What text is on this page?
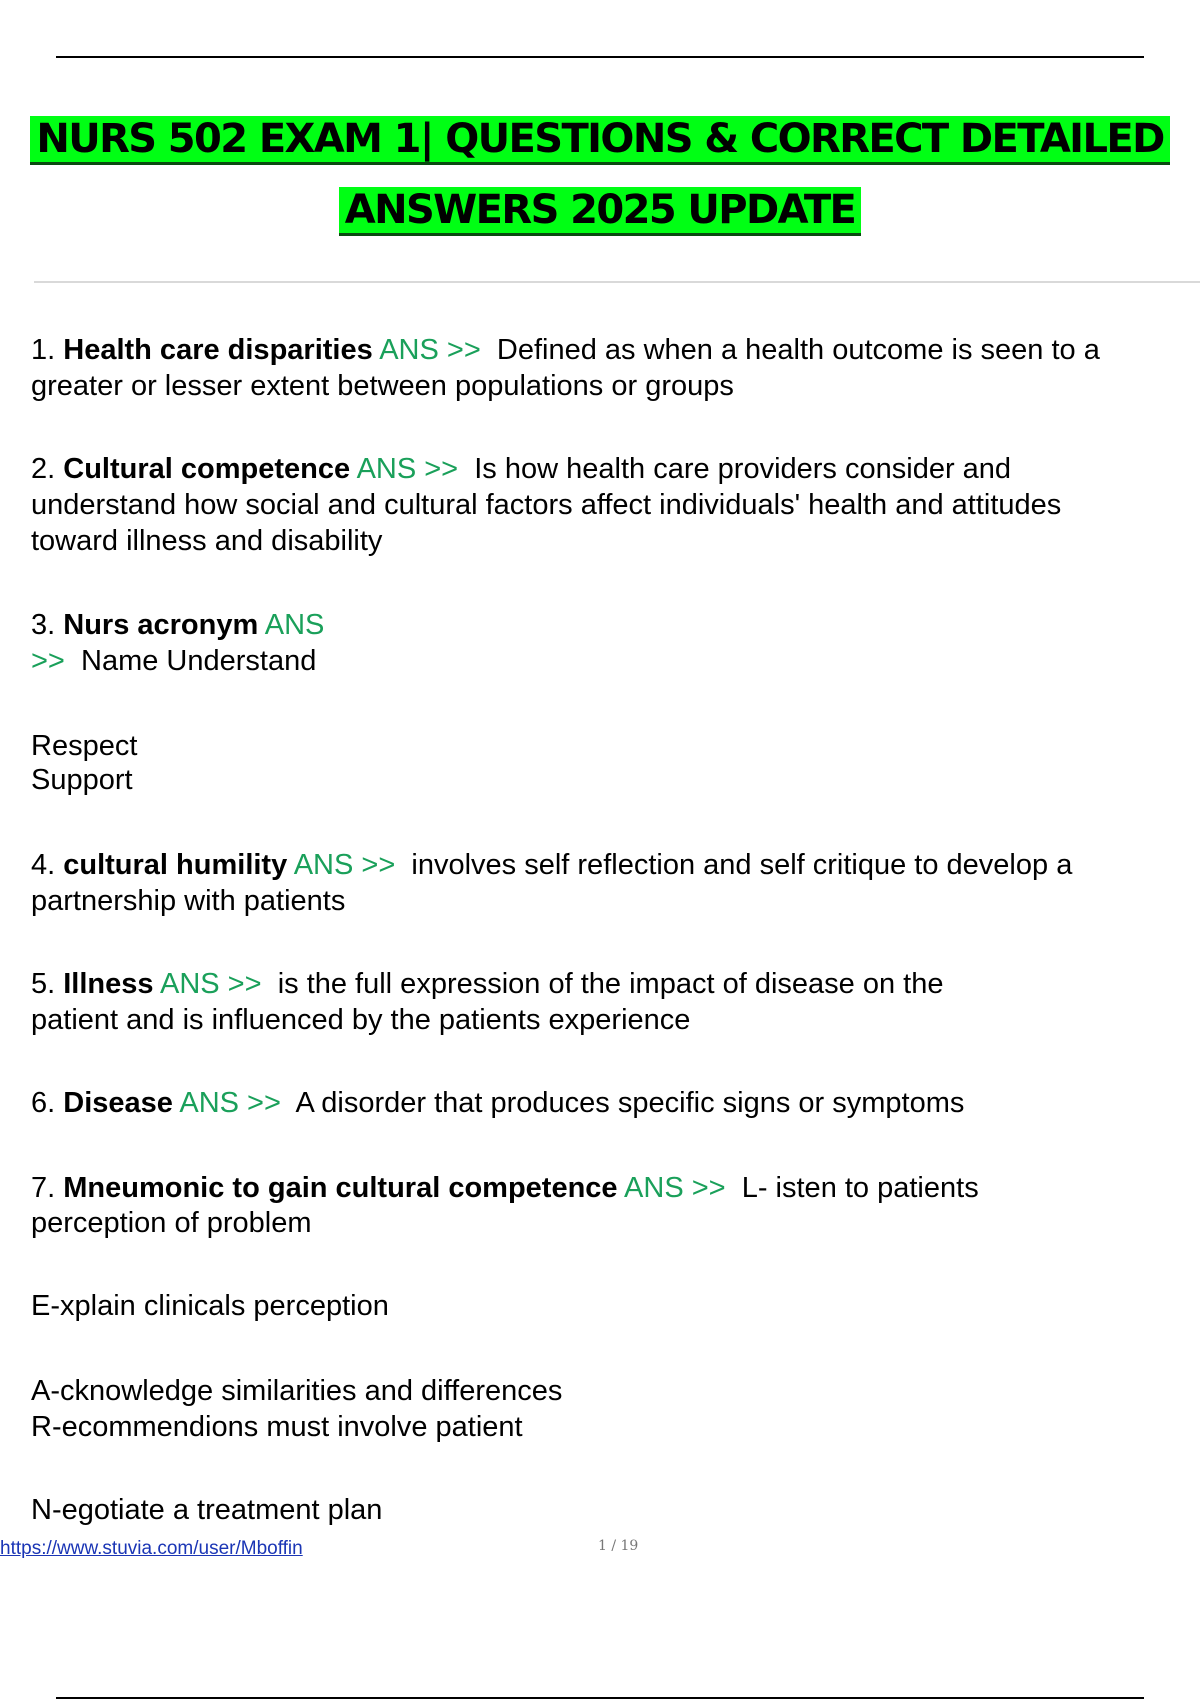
NURS 502 EXAM 1| QUESTIONS & CORRECT DETAILED
ANSWERS 2025 UPDATE
1. Health care disparities ANS >> Defined as when a health outcome is seen to a
greater or lesser extent between populations or groups
2. Cultural competence ANS >> Is how health care providers consider and
understand how social and cultural factors affect individuals' health and attitudes
toward illness and disability
3. Nurs acronym ANS
>> Name Understand
Respect
Support
4. cultural humility ANS >> involves self reflection and self critique to develop a
partnership with patients
5. Illness ANS >> is the full expression of the impact of disease on the
patient and is influenced by the patients experience
6. Disease ANS >> A disorder that produces specific signs or symptoms
7. Mneumonic to gain cultural competence ANS >> L- isten to patients
perception of problem
E-xplain clinicals perception
A-cknowledge similarities and differences
R-ecommendions must involve patient
N-egotiate a treatment plan
https://www.stuvia.com/user/Mboffin	1 / 19
